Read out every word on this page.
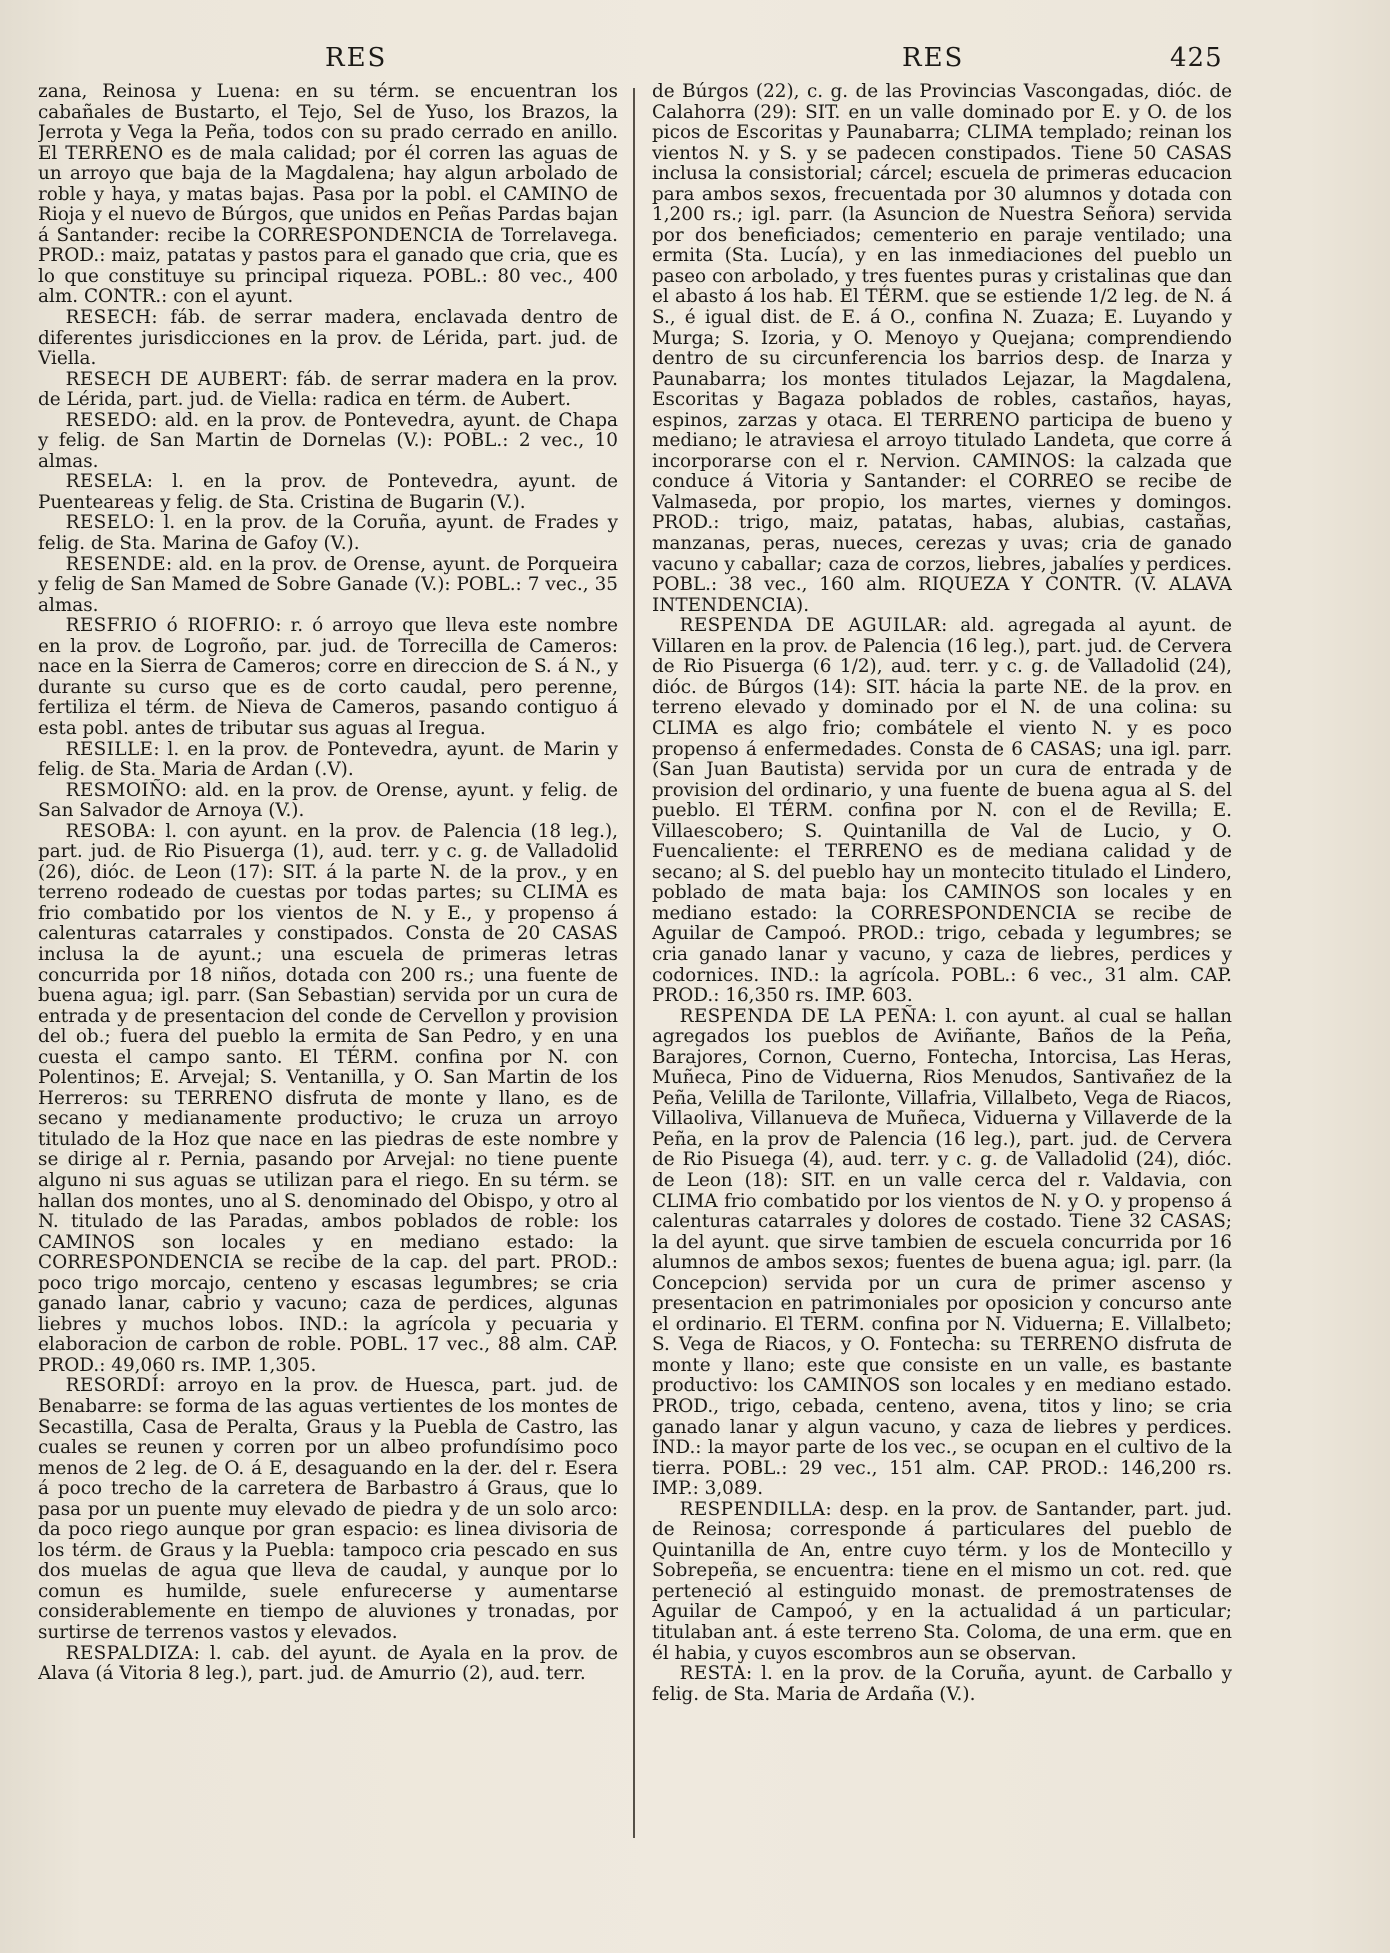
RES	RES	425

zana, Reinosa y Luena: en su térm. se encuentran los cabañales de Bustarto, el Tejo, Sel de Yuso, los Brazos, la Jerrota y Vega la Peña, todos con su prado cerrado en anillo. El TERRENO es de mala calidad; por él corren las aguas de un arroyo que baja de la Magdalena; hay algun arbolado de roble y haya, y matas bajas. Pasa por la pobl. el CAMINO de Rioja y el nuevo de Búrgos, que unidos en Peñas Pardas bajan á Santander: recibe la CORRESPONDENCIA de Torrelavega. PROD.: maiz, patatas y pastos para el ganado que cria, que es lo que constituye su principal riqueza. POBL.: 80 vec., 400 alm. CONTR.: con el ayunt.

RESECH: fáb. de serrar madera, enclavada dentro de diferentes jurisdicciones en la prov. de Lérida, part. jud. de Viella.

RESECH DE AUBERT: fáb. de serrar madera en la prov. de Lérida, part. jud. de Viella: radica en térm. de Aubert.

RESEDO: ald. en la prov. de Pontevedra, ayunt. de Chapa y felig. de San Martin de Dornelas (V.): POBL.: 2 vec., 10 almas.

RESELA: l. en la prov. de Pontevedra, ayunt. de Puenteareas y felig. de Sta. Cristina de Bugarin (V.).

RESELO: l. en la prov. de la Coruña, ayunt. de Frades y felig. de Sta. Marina de Gafoy (V.).

RESENDE: ald. en la prov. de Orense, ayunt. de Porqueira y felig de San Mamed de Sobre Ganade (V.): POBL.: 7 vec., 35 almas.

RESFRIO ó RIOFRIO: r. ó arroyo que lleva este nombre en la prov. de Logroño, par. jud. de Torrecilla de Cameros: nace en la Sierra de Cameros; corre en direccion de S. á N., y durante su curso que es de corto caudal, pero perenne, fertiliza el térm. de Nieva de Cameros, pasando contiguo á esta pobl. antes de tributar sus aguas al Iregua.

RESILLE: l. en la prov. de Pontevedra, ayunt. de Marin y felig. de Sta. Maria de Ardan (.V).

RESMOIÑO: ald. en la prov. de Orense, ayunt. y felig. de San Salvador de Arnoya (V.).

RESOBA: l. con ayunt. en la prov. de Palencia (18 leg.), part. jud. de Rio Pisuerga (1), aud. terr. y c. g. de Valladolid (26), dióc. de Leon (17): SIT. á la parte N. de la prov., y en terreno rodeado de cuestas por todas partes; su CLIMA es frio combatido por los vientos de N. y E., y propenso á calenturas catarrales y constipados. Consta de 20 CASAS inclusa la de ayunt.; una escuela de primeras letras concurrida por 18 niños, dotada con 200 rs.; una fuente de buena agua; igl. parr. (San Sebastian) servida por un cura de entrada y de presentacion del conde de Cervellon y provision del ob.; fuera del pueblo la ermita de San Pedro, y en una cuesta el campo santo. El TÉRM. confina por N. con Polentinos; E. Arvejal; S. Ventanilla, y O. San Martin de los Herreros: su TERRENO disfruta de monte y llano, es de secano y medianamente productivo; le cruza un arroyo titulado de la Hoz que nace en las piedras de este nombre y se dirige al r. Pernia, pasando por Arvejal: no tiene puente alguno ni sus aguas se utilizan para el riego. En su térm. se hallan dos montes, uno al S. denominado del Obispo, y otro al N. titulado de las Paradas, ambos poblados de roble: los CAMINOS son locales y en mediano estado: la CORRESPONDENCIA se recibe de la cap. del part. PROD.: poco trigo morcajo, centeno y escasas legumbres; se cria ganado lanar, cabrio y vacuno; caza de perdices, algunas liebres y muchos lobos. IND.: la agrícola y pecuaria y elaboracion de carbon de roble. POBL. 17 vec., 88 alm. CAP. PROD.: 49,060 rs. IMP. 1,305.

RESORDÍ: arroyo en la prov. de Huesca, part. jud. de Benabarre: se forma de las aguas vertientes de los montes de Secastilla, Casa de Peralta, Graus y la Puebla de Castro, las cuales se reunen y corren por un albeo profundísimo poco menos de 2 leg. de O. á E, desaguando en la der. del r. Esera á poco trecho de la carretera de Barbastro á Graus, que lo pasa por un puente muy elevado de piedra y de un solo arco: da poco riego aunque por gran espacio: es linea divisoria de los térm. de Graus y la Puebla: tampoco cria pescado en sus dos muelas de agua que lleva de caudal, y aunque por lo comun es humilde, suele enfurecerse y aumentarse considerablemente en tiempo de aluviones y tronadas, por surtirse de terrenos vastos y elevados.

RESPALDIZA: l. cab. del ayunt. de Ayala en la prov. de Alava (á Vitoria 8 leg.), part. jud. de Amurrio (2), aud. terr.

de Búrgos (22), c. g. de las Provincias Vascongadas, dióc. de Calahorra (29): SIT. en un valle dominado por E. y O. de los picos de Escoritas y Paunabarra; CLIMA templado; reinan los vientos N. y S. y se padecen constipados. Tiene 50 CASAS inclusa la consistorial; cárcel; escuela de primeras educacion para ambos sexos, frecuentada por 30 alumnos y dotada con 1,200 rs.; igl. parr. (la Asuncion de Nuestra Señora) servida por dos beneficiados; cementerio en paraje ventilado; una ermita (Sta. Lucía), y en las inmediaciones del pueblo un paseo con arbolado, y tres fuentes puras y cristalinas que dan el abasto á los hab. El TÉRM. que se estiende 1/2 leg. de N. á S., é igual dist. de E. á O., confina N. Zuaza; E. Luyando y Murga; S. Izoria, y O. Menoyo y Quejana; comprendiendo dentro de su circunferencia los barrios desp. de Inarza y Paunabarra; los montes titulados Lejazar, la Magdalena, Escoritas y Bagaza poblados de robles, castaños, hayas, espinos, zarzas y otaca. El TERRENO participa de bueno y mediano; le atraviesa el arroyo titulado Landeta, que corre á incorporarse con el r. Nervion. CAMINOS: la calzada que conduce á Vitoria y Santander: el CORREO se recibe de Valmaseda, por propio, los martes, viernes y domingos. PROD.: trigo, maiz, patatas, habas, alubias, castañas, manzanas, peras, nueces, cerezas y uvas; cria de ganado vacuno y caballar; caza de corzos, liebres, jabalíes y perdices. POBL.: 38 vec., 160 alm. RIQUEZA Y CONTR. (V. ALAVA INTENDENCIA).

RESPENDA DE AGUILAR: ald. agregada al ayunt. de Villaren en la prov. de Palencia (16 leg.), part. jud. de Cervera de Rio Pisuerga (6 1/2), aud. terr. y c. g. de Valladolid (24), dióc. de Búrgos (14): SIT. hácia la parte NE. de la prov. en terreno elevado y dominado por el N. de una colina: su CLIMA es algo frio; combátele el viento N. y es poco propenso á enfermedades. Consta de 6 CASAS; una igl. parr. (San Juan Bautista) servida por un cura de entrada y de provision del ordinario, y una fuente de buena agua al S. del pueblo. El TÉRM. confina por N. con el de Revilla; E. Villaescobero; S. Quintanilla de Val de Lucio, y O. Fuencaliente: el TERRENO es de mediana calidad y de secano; al S. del pueblo hay un montecito titulado el Lindero, poblado de mata baja: los CAMINOS son locales y en mediano estado: la CORRESPONDENCIA se recibe de Aguilar de Campoó. PROD.: trigo, cebada y legumbres; se cria ganado lanar y vacuno, y caza de liebres, perdices y codornices. IND.: la agrícola. POBL.: 6 vec., 31 alm. CAP. PROD.: 16,350 rs. IMP. 603.

RESPENDA DE LA PEÑA: l. con ayunt. al cual se hallan agregados los pueblos de Aviñante, Baños de la Peña, Barajores, Cornon, Cuerno, Fontecha, Intorcisa, Las Heras, Muñeca, Pino de Viduerna, Rios Menudos, Santivañez de la Peña, Velilla de Tarilonte, Villafria, Villalbeto, Vega de Riacos, Villaoliva, Villanueva de Muñeca, Viduerna y Villaverde de la Peña, en la prov de Palencia (16 leg.), part. jud. de Cervera de Rio Pisuega (4), aud. terr. y c. g. de Valladolid (24), dióc. de Leon (18): SIT. en un valle cerca del r. Valdavia, con CLIMA frio combatido por los vientos de N. y O. y propenso á calenturas catarrales y dolores de costado. Tiene 32 CASAS; la del ayunt. que sirve tambien de escuela concurrida por 16 alumnos de ambos sexos; fuentes de buena agua; igl. parr. (la Concepcion) servida por un cura de primer ascenso y presentacion en patrimoniales por oposicion y concurso ante el ordinario. El TERM. confina por N. Viduerna; E. Villalbeto; S. Vega de Riacos, y O. Fontecha: su TERRENO disfruta de monte y llano; este que consiste en un valle, es bastante productivo: los CAMINOS son locales y en mediano estado. PROD., trigo, cebada, centeno, avena, titos y lino; se cria ganado lanar y algun vacuno, y caza de liebres y perdices. IND.: la mayor parte de los vec., se ocupan en el cultivo de la tierra. POBL.: 29 vec., 151 alm. CAP. PROD.: 146,200 rs. IMP.: 3,089.

RESPENDILLA: desp. en la prov. de Santander, part. jud. de Reinosa; corresponde á particulares del pueblo de Quintanilla de An, entre cuyo térm. y los de Montecillo y Sobrepeña, se encuentra: tiene en el mismo un cot. red. que perteneció al estinguido monast. de premostratenses de Aguilar de Campoó, y en la actualidad á un particular; titulaban ant. á este terreno Sta. Coloma, de una erm. que en él habia, y cuyos escombros aun se observan.

RESTA: l. en la prov. de la Coruña, ayunt. de Carballo y felig. de Sta. Maria de Ardaña (V.).
